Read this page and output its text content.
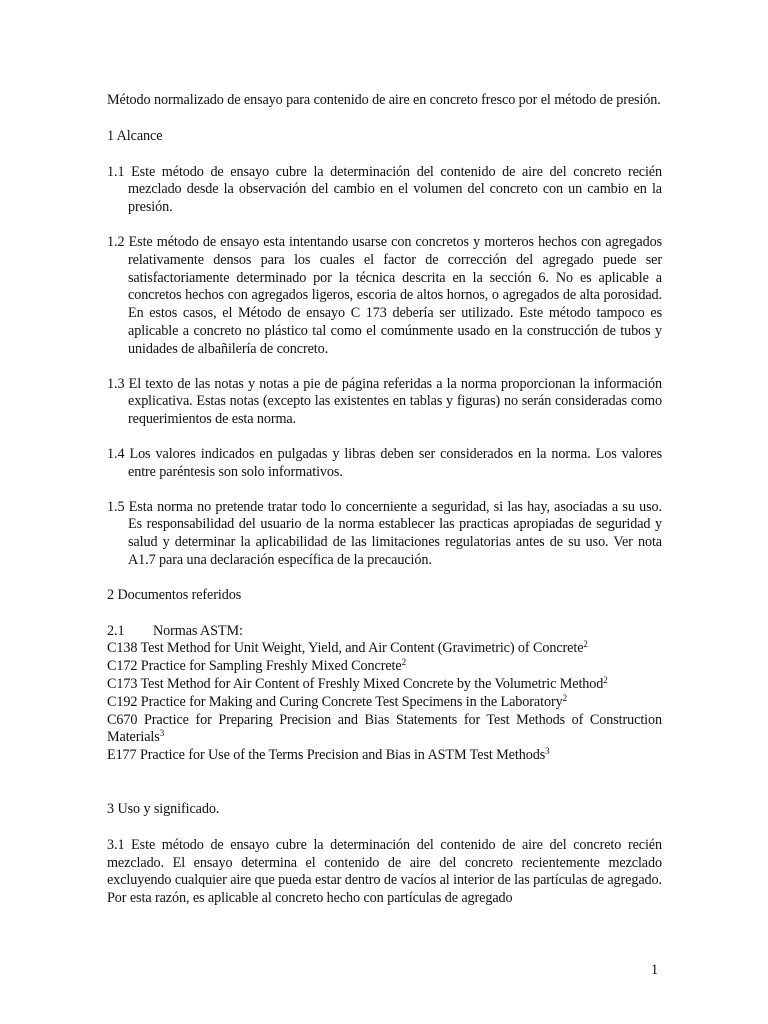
Método normalizado de ensayo para contenido de aire en concreto fresco por el método de presión.

1 Alcance

1.1 Este método de ensayo cubre la determinación del contenido de aire del concreto recién mezclado desde la observación del cambio en el volumen del concreto con un cambio en la presión.

1.2 Este método de ensayo esta intentando usarse con concretos y morteros hechos con agregados relativamente densos para los cuales el factor de corrección del agregado puede ser satisfactoriamente determinado por la técnica descrita en la sección 6. No es aplicable a concretos hechos con agregados ligeros, escoria de altos hornos, o agregados de alta porosidad. En estos casos, el Método de ensayo C 173 debería ser utilizado. Este método tampoco es aplicable a concreto no plástico tal como el comúnmente usado en la construcción de tubos y unidades de albañilería de concreto.

1.3 El texto de las notas y notas a pie de página referidas a la norma proporcionan la información explicativa. Estas notas (excepto las existentes en tablas y figuras) no serán consideradas como requerimientos de esta norma.

1.4 Los valores indicados en pulgadas y libras deben ser considerados en la norma. Los valores entre paréntesis son solo informativos.

1.5 Esta norma no pretende tratar todo lo concerniente a seguridad, si las hay, asociadas a su uso. Es responsabilidad del usuario de la norma establecer las practicas apropiadas de seguridad y salud y determinar la aplicabilidad de las limitaciones regulatorias antes de su uso. Ver nota A1.7 para una declaración específica de la precaución.

2 Documentos referidos

2.1 Normas ASTM:

C138 Test Method for Unit Weight, Yield, and Air Content (Gravimetric) of Concrete$^2$

C172 Practice for Sampling Freshly Mixed Concrete$^2$

C173 Test Method for Air Content of Freshly Mixed Concrete by the Volumetric Method$^2$

C192 Practice for Making and Curing Concrete Test Specimens in the Laboratory$^2$

C670 Practice for Preparing Precision and Bias Statements for Test Methods of Construction Materials$^3$

E177 Practice for Use of the Terms Precision and Bias in ASTM Test Methods$^3$

3 Uso y significado.

3.1 Este método de ensayo cubre la determinación del contenido de aire del concreto recién mezclado. El ensayo determina el contenido de aire del concreto recientemente mezclado excluyendo cualquier aire que pueda estar dentro de vacíos al interior de las partículas de agregado. Por esta razón, es aplicable al concreto hecho con partículas de agregado

1
